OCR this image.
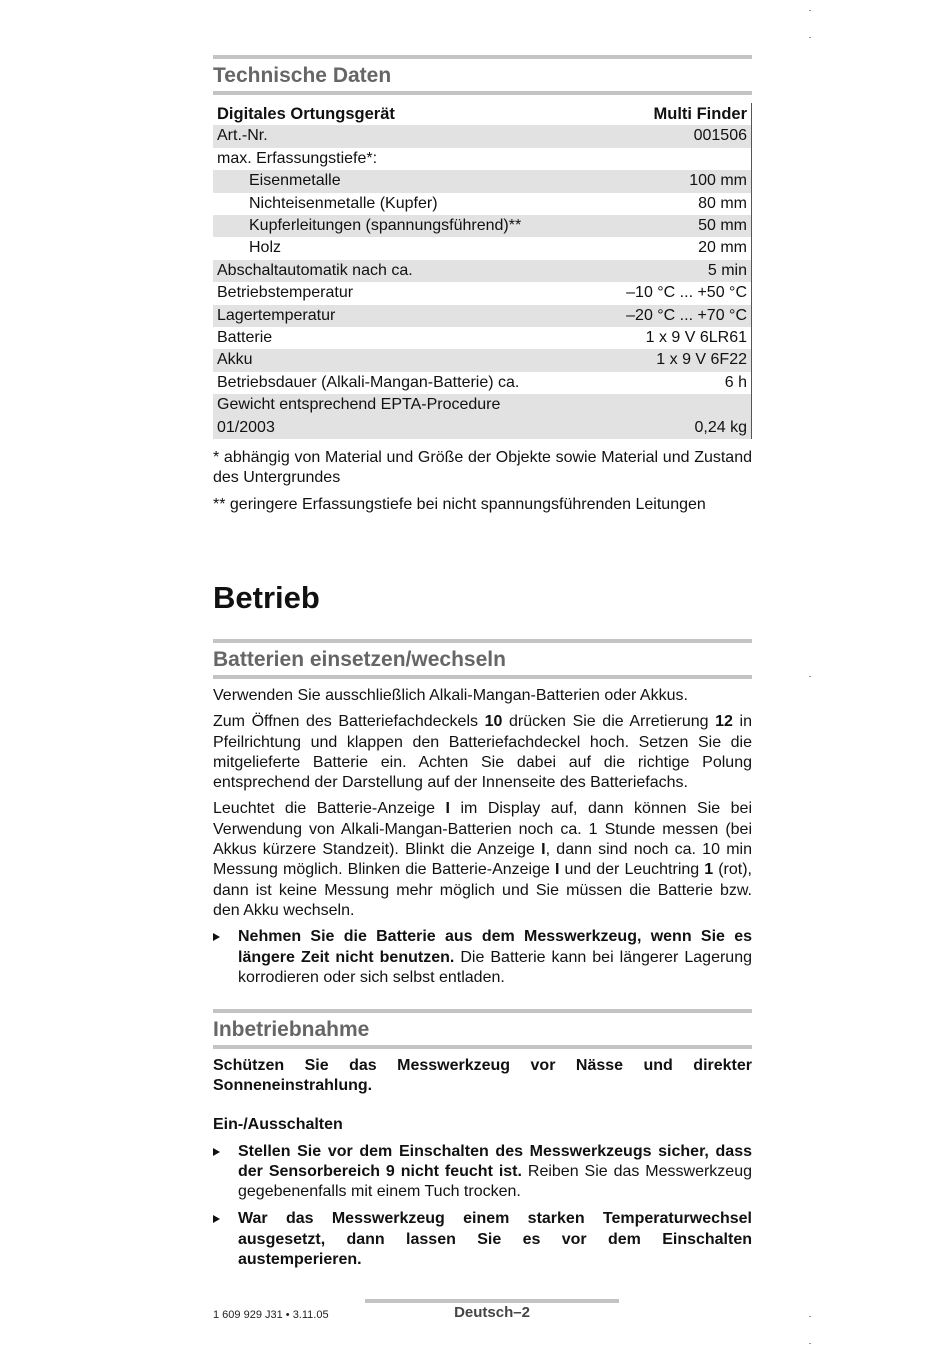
Technische Daten
Digitales Ortungsgerät	Multi Finder
Art.-Nr.	001506
max. Erfassungstiefe*:	
Eisenmetalle	100 mm
Nichteisenmetalle (Kupfer)	80 mm
Kupferleitungen (spannungsführend)**	50 mm
Holz	20 mm
Abschaltautomatik nach ca.	5 min
Betriebstemperatur	–10 °C ... +50 °C
Lagertemperatur	–20 °C ... +70 °C
Batterie	1 x 9 V 6LR61
Akku	1 x 9 V 6F22
Betriebsdauer (Alkali-Mangan-Batterie) ca.	6 h

Gewicht entsprechend EPTA-Procedure
01/2003	0,24 kg

* abhängig von Material und Größe der Objekte sowie Material und Zustand des Untergrundes

** geringere Erfassungstiefe bei nicht spannungsführenden Leitungen

Betrieb
Batterien einsetzen/wechseln

Verwenden Sie ausschließlich Alkali-Mangan-Batterien oder Akkus.

Zum Öffnen des Batteriefachdeckels 10 drücken Sie die Arretierung 12 in Pfeilrichtung und klappen den Batteriefachdeckel hoch. Setzen Sie die mitgelieferte Batterie ein. Achten Sie dabei auf die richtige Polung entsprechend der Darstellung auf der Innenseite des Batteriefachs.

Leuchtet die Batterie-Anzeige I im Display auf, dann können Sie bei Verwendung von Alkali-Mangan-Batterien noch ca. 1 Stunde messen (bei Akkus kürzere Standzeit). Blinkt die Anzeige I, dann sind noch ca. 10 min Messung möglich. Blinken die Batterie-Anzeige I und der Leuchtring 1 (rot), dann ist keine Messung mehr möglich und Sie müssen die Batterie bzw. den Akku wechseln.

Nehmen Sie die Batterie aus dem Messwerkzeug, wenn Sie es längere Zeit nicht benutzen. Die Batterie kann bei längerer Lagerung korrodieren oder sich selbst entladen.
Inbetriebnahme

Schützen Sie das Messwerkzeug vor Nässe und direkter Sonneneinstrahlung.

Ein-/Ausschalten

Stellen Sie vor dem Einschalten des Messwerkzeugs sicher, dass der Sensorbereich 9 nicht feucht ist. Reiben Sie das Messwerkzeug gegebenenfalls mit einem Tuch trocken.
War das Messwerkzeug einem starken Temperaturwechsel ausgesetzt, dann lassen Sie es vor dem Einschalten austemperieren.
1 609 929 J31 • 3.11.05	Deutsch–2
